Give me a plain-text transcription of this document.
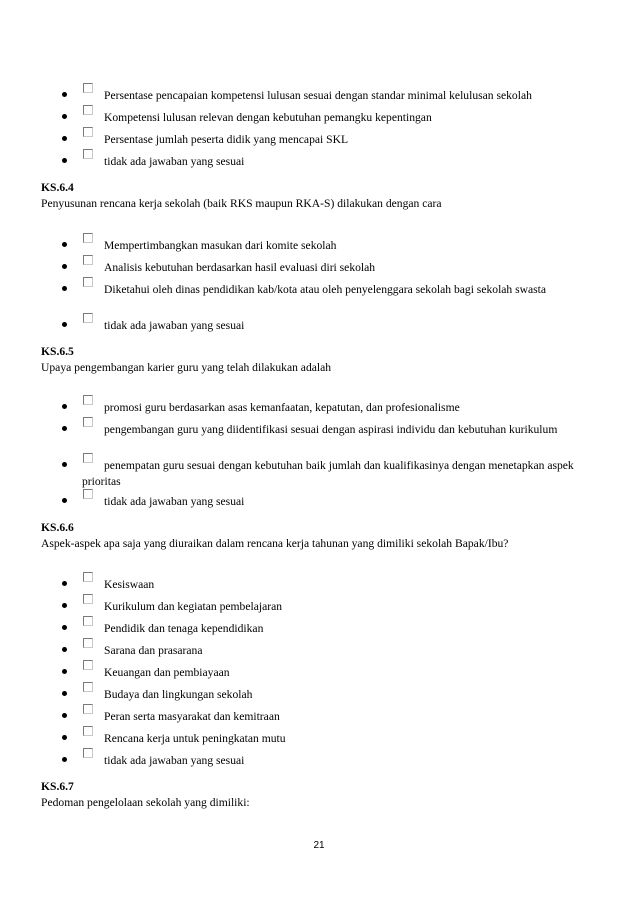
Persentase pencapaian kompetensi lulusan sesuai dengan standar minimal kelulusan sekolah
Kompetensi lulusan relevan dengan kebutuhan pemangku kepentingan
Persentase jumlah peserta didik yang mencapai SKL
tidak ada jawaban yang sesuai
KS.6.4
Penyusunan rencana kerja sekolah (baik RKS maupun RKA-S) dilakukan dengan cara
Mempertimbangkan masukan dari komite sekolah
Analisis kebutuhan berdasarkan hasil evaluasi diri sekolah
Diketahui oleh dinas pendidikan kab/kota atau oleh penyelenggara sekolah bagi sekolah swasta
tidak ada jawaban yang sesuai
KS.6.5
Upaya pengembangan karier guru yang telah dilakukan adalah
promosi guru berdasarkan asas kemanfaatan, kepatutan, dan profesionalisme
pengembangan guru yang diidentifikasi sesuai dengan aspirasi individu dan kebutuhan kurikulum
penempatan guru sesuai dengan kebutuhan baik jumlah dan kualifikasinya dengan menetapkan aspek prioritas
tidak ada jawaban yang sesuai
KS.6.6
Aspek-aspek apa saja yang diuraikan dalam rencana kerja tahunan yang dimiliki sekolah Bapak/Ibu?
Kesiswaan
Kurikulum dan kegiatan pembelajaran
Pendidik dan tenaga kependidikan
Sarana dan prasarana
Keuangan dan pembiayaan
Budaya dan lingkungan sekolah
Peran serta masyarakat dan kemitraan
Rencana kerja untuk peningkatan mutu
tidak ada jawaban yang sesuai
KS.6.7
Pedoman pengelolaan sekolah yang dimiliki:
21
